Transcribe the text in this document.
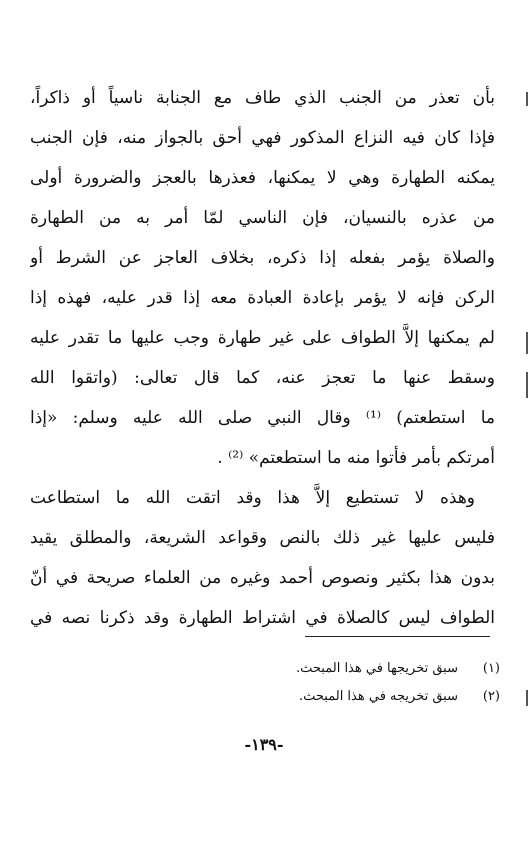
بأن تعذر من الجنب الذي طاف مع الجنابة ناسياً أو ذاكراً،
فإذا كان فيه النزاع المذكور فهي أحق بالجواز منه، فإن الجنب
يمكنه الطهارة وهي لا يمكنها، فعذرها بالعجز والضرورة أولى
من عذره بالنسيان، فإن الناسي لمّا أمر به من الطهارة
والصلاة يؤمر بفعله إذا ذكره، بخلاف العاجز عن الشرط أو
الركن فإنه لا يؤمر بإعادة العبادة معه إذا قدر عليه، فهذه إذا
لم يمكنها إلاَّ الطواف على غير طهارة وجب عليها ما تقدر عليه
وسقط عنها ما تعجز عنه، كما قال تعالى: (واتقوا الله
ما استطعتم) ⁽¹⁾ وقال النبي صلى الله عليه وسلم: «إذا
أمرتكم بأمر فأتوا منه ما استطعتم» ⁽²⁾ .
وهذه لا تستطيع إلاَّ هذا وقد اتقت الله ما استطاعت
فليس عليها غير ذلك بالنص وقواعد الشريعة، والمطلق يقيد
بدون هذا بكثير ونصوص أحمد وغيره من العلماء صريحة في أنّ
الطواف ليس كالصلاة في اشتراط الطهارة وقد ذكرنا نصه في
(١)سبق تخريجها في هذا المبحث.
(٢)سبق تخريجه في هذا المبحث.
-١٣٩-
